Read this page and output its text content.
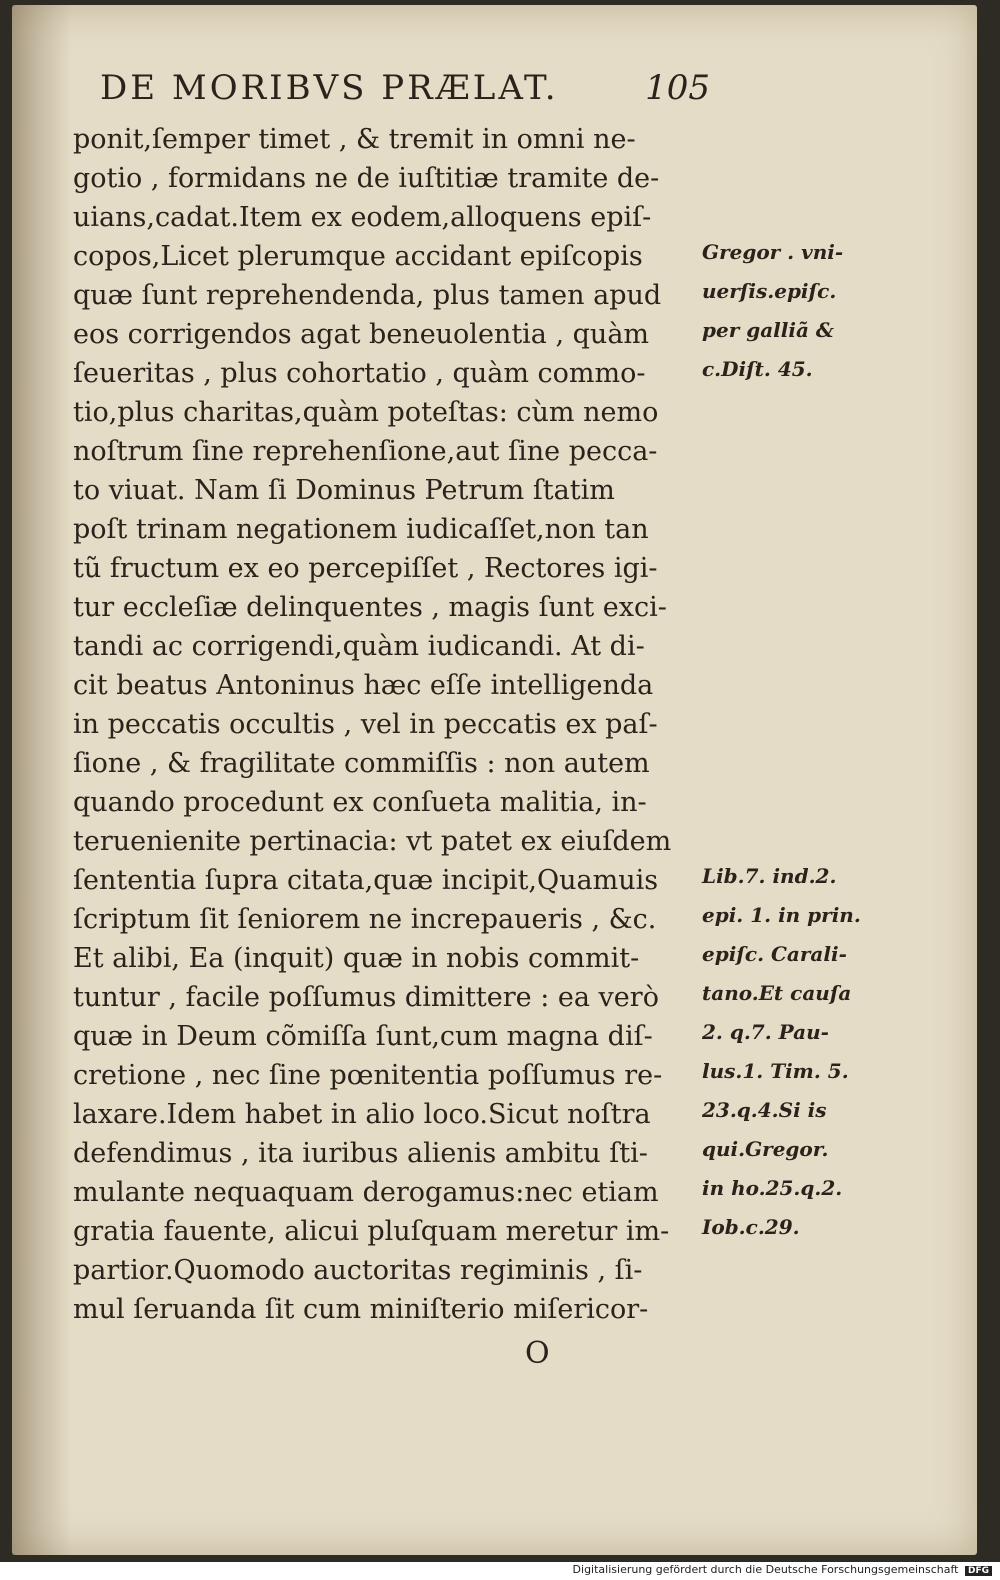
DE MORIBVS PRÆLAT.	105
ponit,ſemper timet , & tremit in omni ne-
gotio , formidans ne de iuſtitiæ tramite de-
uians,cadat.Item ex eodem,alloquens epiſ-
copos,Licet plerumque accidant epiſcopis
quæ ſunt reprehendenda, plus tamen apud
eos corrigendos agat beneuolentia , quàm
ſeueritas , plus cohortatio , quàm commo-
tio,plus charitas,quàm poteſtas: cùm nemo
noſtrum ſine reprehenſione,aut ſine pecca-
to viuat. Nam ſi Dominus Petrum ſtatim
poſt trinam negationem iudicaſſet,non tan
tũ fructum ex eo percepiſſet , Rectores igi-
tur eccleſiæ delinquentes , magis ſunt exci-
tandi ac corrigendi,quàm iudicandi. At di-
cit beatus Antoninus hæc eſſe intelligenda
in peccatis occultis , vel in peccatis ex paſ-
ſione , & fragilitate commiſſis : non autem
quando procedunt ex conſueta malitia, in-
teruenienite pertinacia: vt patet ex eiuſdem
ſententia ſupra citata,quæ incipit,Quamuis
ſcriptum ſit ſeniorem ne increpaueris , &c.
Et alibi, Ea (inquit) quæ in nobis commit-
tuntur , facile poſſumus dimittere : ea verò
quæ in Deum cõmiſſa ſunt,cum magna diſ-
cretione , nec ſine pœnitentia poſſumus re-
laxare.Idem habet in alio loco.Sicut noſtra
defendimus , ita iuribus alienis ambitu ſti-
mulante nequaquam derogamus:nec etiam
gratia fauente, alicui pluſquam meretur im-
partior.Quomodo auctoritas regiminis , ſi-
mul ſeruanda ſit cum miniſterio miſericor-
Gregor . vni-
uerſis.epiſc.
per galliã &
c.Diſt. 45.
Lib.7. ind.2.
epi. 1. in prin.
epiſc. Carali-
tano.Et cauſa
2. q.7. Pau-
lus.1. Tim. 5.
23.q.4.Si is
qui.Gregor.
in ho.25.q.2.
Iob.c.29.
O
Digitalisierung gefördert durch die Deutsche Forschungsgemeinschaft DFG
